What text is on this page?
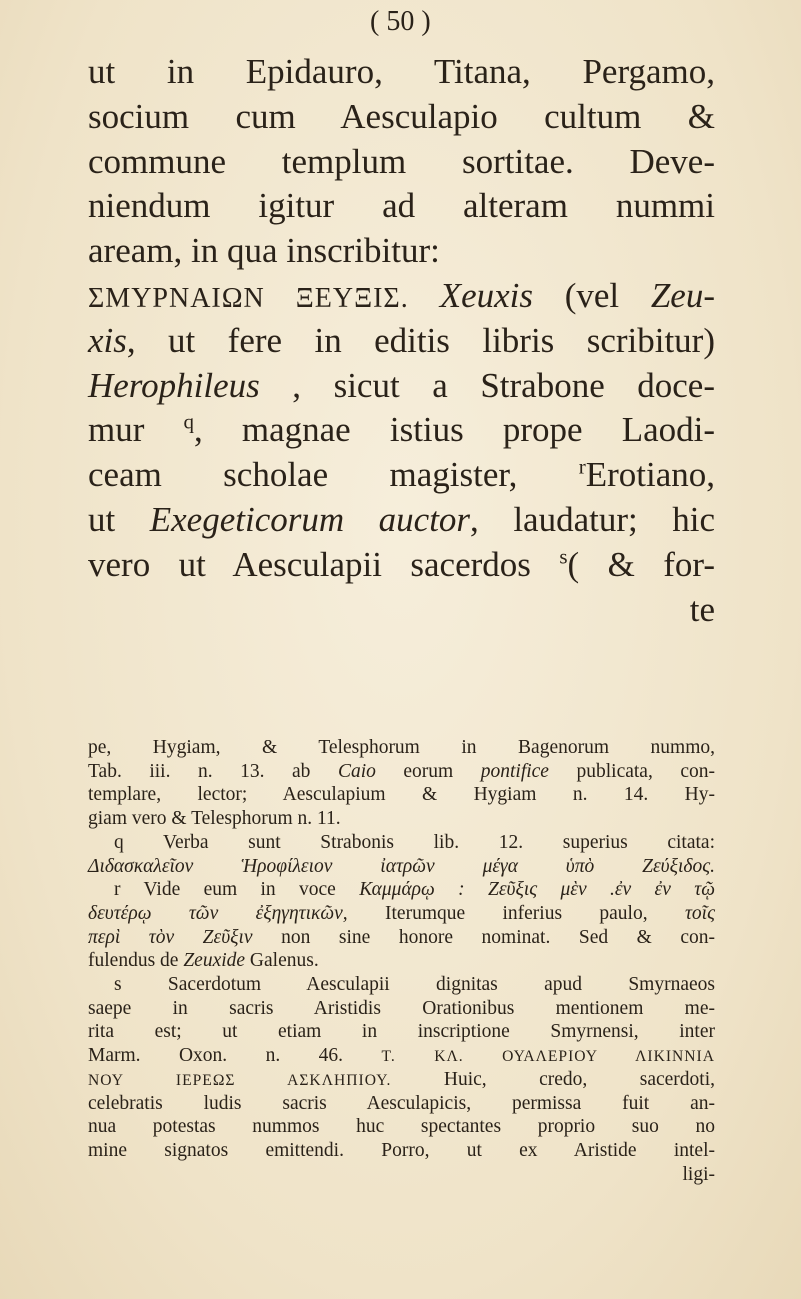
( 50 )
ut in Epidauro, Titana, Pergamo,
socium cum Aesculapio cultum &
commune templum sortitae. Deve-
niendum igitur ad alteram nummi
aream, in qua inscribitur:
ΣΜΥΡΝΑΙΩΝ ΞΕΥΞΙΣ. Xeuxis (vel Zeu-
xis, ut fere in editis libris scribitur)
Herophileus , sicut a Strabone doce-
mur $^q$, magnae istius prope Laodi-
ceam scholae magister, $^r$Erotiano,
ut Exegeticorum auctor, laudatur; hic
vero ut Aesculapii sacerdos $^s$( & for-
te
pe, Hygiam, & Telesphorum in Bagenorum nummo,
Tab. iii. n. 13. ab Caio eorum pontifice publicata, con-
templare, lector; Aesculapium & Hygiam n. 14. Hy-
giam vero & Telesphorum n. 11.
q Verba sunt Strabonis lib. 12. superius citata:
Διδασκαλεῖον Ἡροφίλειον ἰατρῶν μέγα ὑπὸ Ζεύξιδος.
r Vide eum in voce Καμμάρῳ : Ζεῦξις μὲν .ἐν ἐν τῷ
δευτέρῳ τῶν ἐξηγητικῶν, Iterumque inferius paulo, τοῖς
περὶ τὸν Ζεῦξιν non sine honore nominat. Sed & con-
fulendus de Zeuxide Galenus.
s Sacerdotum Aesculapii dignitas apud Smyrnaeos
saepe in sacris Aristidis Orationibus mentionem me-
rita est; ut etiam in inscriptione Smyrnensi, inter
Marm. Oxon. n. 46. Τ. ΚΛ. ΟΥΑΛΕΡΙΟΥ ΛΙΚΙΝΝΙΑ
ΝΟΥ ΙΕΡΕΩΣ ΑΣΚΛΗΠΙΟΥ. Huic, credo, sacerdoti,
celebratis ludis sacris Aesculapicis, permissa fuit an-
nua potestas nummos huc spectantes proprio suo no
mine signatos emittendi. Porro, ut ex Aristide intel-
ligi-
